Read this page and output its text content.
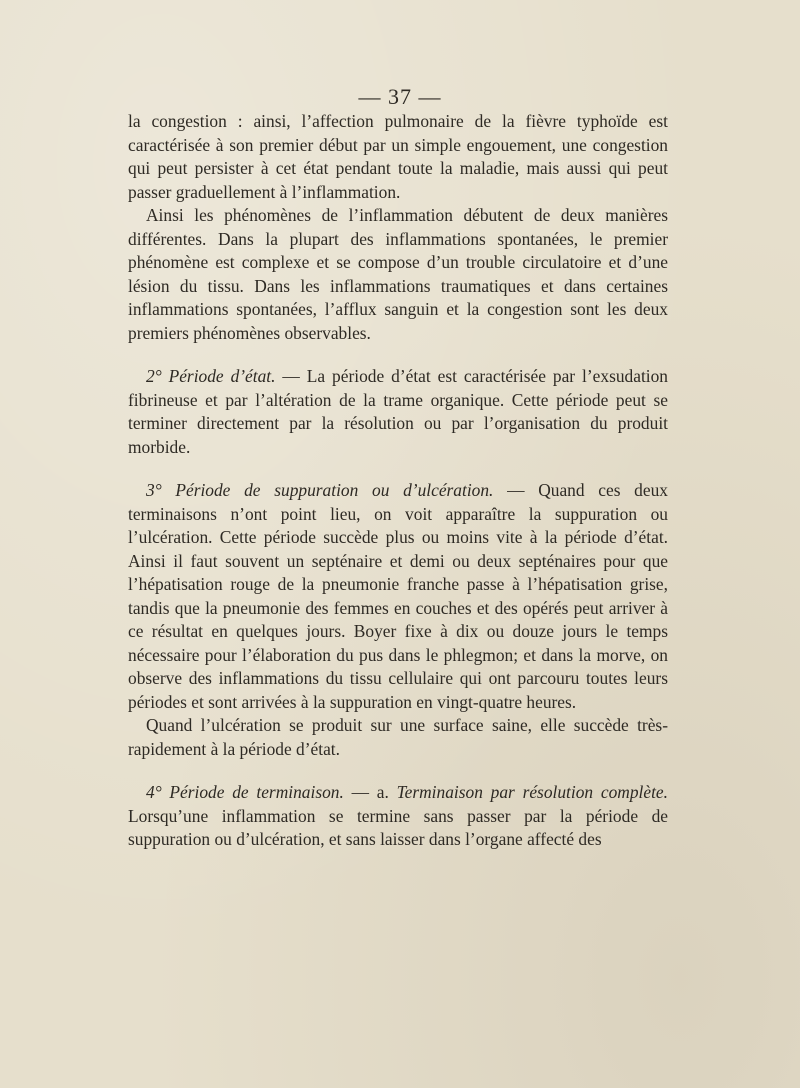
— 37 —

la congestion : ainsi, l’affection pulmonaire de la fièvre typhoïde est caractérisée à son premier début par un simple engouement, une congestion qui peut persister à cet état pendant toute la maladie, mais aussi qui peut passer graduellement à l’inflammation.

Ainsi les phénomènes de l’inflammation débutent de deux manières différentes. Dans la plupart des inflammations spontanées, le premier phénomène est complexe et se compose d’un trouble circulatoire et d’une lésion du tissu. Dans les inflammations traumatiques et dans certaines inflammations spontanées, l’afflux sanguin et la congestion sont les deux premiers phénomènes observables.

2° Période d’état. — La période d’état est caractérisée par l’exsudation fibrineuse et par l’altération de la trame organique. Cette période peut se terminer directement par la résolution ou par l’organisation du produit morbide.

3° Période de suppuration ou d’ulcération. — Quand ces deux terminaisons n’ont point lieu, on voit apparaître la suppuration ou l’ulcération. Cette période succède plus ou moins vite à la période d’état. Ainsi il faut souvent un septénaire et demi ou deux septénaires pour que l’hépatisation rouge de la pneumonie franche passe à l’hépatisation grise, tandis que la pneumonie des femmes en couches et des opérés peut arriver à ce résultat en quelques jours. Boyer fixe à dix ou douze jours le temps nécessaire pour l’élaboration du pus dans le phlegmon; et dans la morve, on observe des inflammations du tissu cellulaire qui ont parcouru toutes leurs périodes et sont arrivées à la suppuration en vingt-quatre heures.

Quand l’ulcération se produit sur une surface saine, elle succède très-rapidement à la période d’état.

4° Période de terminaison. — a. Terminaison par résolution complète. Lorsqu’une inflammation se termine sans passer par la période de suppuration ou d’ulcération, et sans laisser dans l’organe affecté des
